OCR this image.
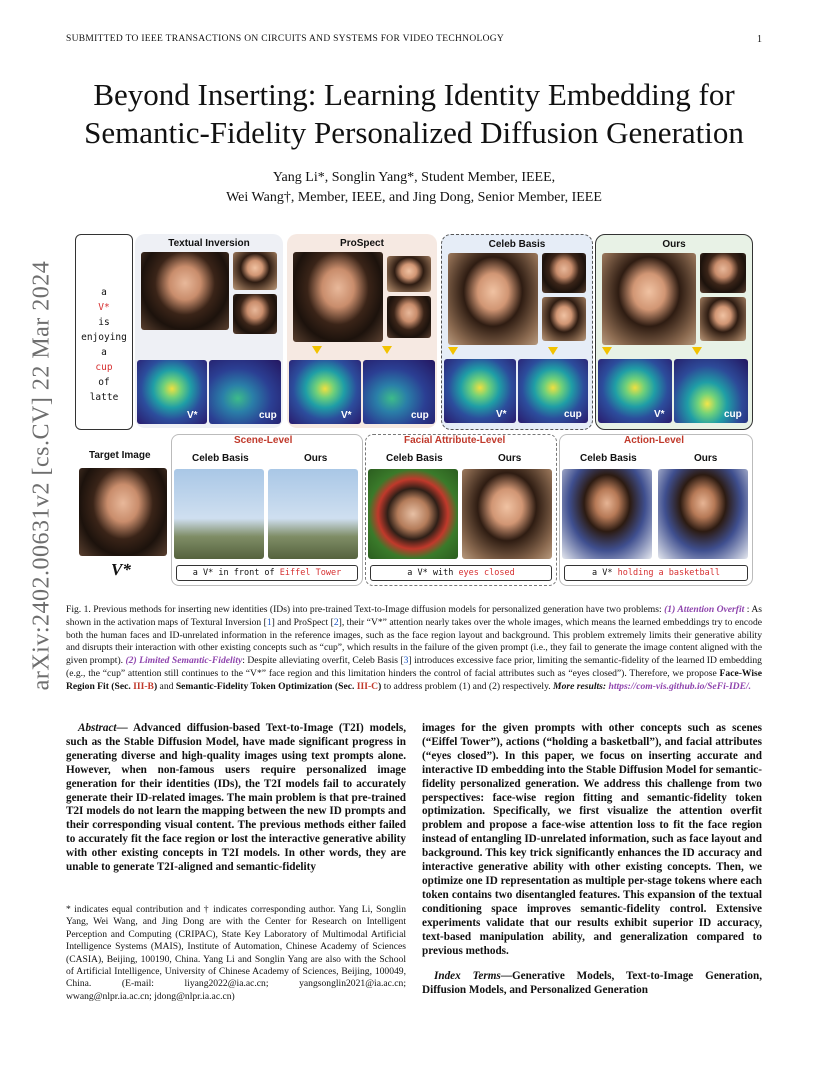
SUBMITTED TO IEEE TRANSACTIONS ON CIRCUITS AND SYSTEMS FOR VIDEO TECHNOLOGY	1
arXiv:2402.00631v2 [cs.CV] 22 Mar 2024
Beyond Inserting: Learning Identity Embedding for Semantic-Fidelity Personalized Diffusion Generation
Yang Li*, Songlin Yang*, Student Member, IEEE,
Wei Wang†, Member, IEEE, and Jing Dong, Senior Member, IEEE
a
V*
is
enjoying
a
cup
of
latte
Textual Inversion
V*	cup
ProSpect
V*	cup
Celeb Basis
V*	cup
Ours
V*	cup
Target Image
V*
Scene-Level
Celeb Basis	Ours
a V* in front of Eiffel Tower
Facial Attribute-Level
Celeb Basis	Ours
a V* with eyes closed
Action-Level
Celeb Basis	Ours
a V* holding a basketball
Fig. 1. Previous methods for inserting new identities (IDs) into pre-trained Text-to-Image diffusion models for personalized generation have two problems: (1) Attention Overfit : As shown in the activation maps of Textural Inversion [1] and ProSpect [2], their “V*” attention nearly takes over the whole images, which means the learned embeddings try to encode both the human faces and ID-unrelated information in the reference images, such as the face region layout and background. This problem extremely limits their generative ability and disrupts their interaction with other existing concepts such as “cup”, which results in the failure of the given prompt (i.e., they fail to generate the image content aligned with the given prompt). (2) Limited Semantic-Fidelity: Despite alleviating overfit, Celeb Basis [3] introduces excessive face prior, limiting the semantic-fidelity of the learned ID embedding (e.g., the “cup” attention still continues to the “V*” face region and this limitation hinders the control of facial attributes such as “eyes closed”). Therefore, we propose Face-Wise Region Fit (Sec. III-B) and Semantic-Fidelity Token Optimization (Sec. III-C) to address problem (1) and (2) respectively. More results: https://com-vis.github.io/SeFi-IDE/.
Abstract— Advanced diffusion-based Text-to-Image (T2I) models, such as the Stable Diffusion Model, have made significant progress in generating diverse and high-quality images using text prompts alone. However, when non-famous users require personalized image generation for their identities (IDs), the T2I models fail to accurately generate their ID-related images. The main problem is that pre-trained T2I models do not learn the mapping between the new ID prompts and their corresponding visual content. The previous methods either failed to accurately fit the face region or lost the interactive generative ability with other existing concepts in T2I models. In other words, they are unable to generate T2I-aligned and semantic-fidelity
* indicates equal contribution and † indicates corresponding author. Yang Li, Songlin Yang, Wei Wang, and Jing Dong are with the Center for Research on Intelligent Perception and Computing (CRIPAC), State Key Laboratory of Multimodal Artificial Intelligence Systems (MAIS), Institute of Automation, Chinese Academy of Sciences (CASIA), Beijing, 100190, China. Yang Li and Songlin Yang are also with the School of Artificial Intelligence, University of Chinese Academy of Sciences, Beijing, 100049, China. (E-mail: liyang2022@ia.ac.cn; yangsonglin2021@ia.ac.cn; wwang@nlpr.ia.ac.cn; jdong@nlpr.ia.ac.cn)
images for the given prompts with other concepts such as scenes (“Eiffel Tower”), actions (“holding a basketball”), and facial attributes (“eyes closed”). In this paper, we focus on inserting accurate and interactive ID embedding into the Stable Diffusion Model for semantic-fidelity personalized generation. We address this challenge from two perspectives: face-wise region fitting and semantic-fidelity token optimization. Specifically, we first visualize the attention overfit problem and propose a face-wise attention loss to fit the face region instead of entangling ID-unrelated information, such as face layout and background. This key trick significantly enhances the ID accuracy and interactive generative ability with other existing concepts. Then, we optimize one ID representation as multiple per-stage tokens where each token contains two disentangled features. This expansion of the textual conditioning space improves semantic-fidelity control. Extensive experiments validate that our results exhibit superior ID accuracy, text-based manipulation ability, and generalization compared to previous methods.
Index Terms—Generative Models, Text-to-Image Generation, Diffusion Models, and Personalized Generation
